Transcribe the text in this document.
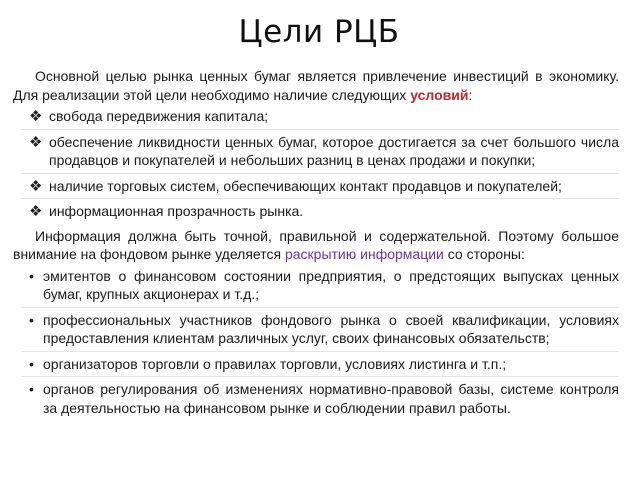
Цели РЦБ

Основной целью рынка ценных бумаг является привлечение инвестиций в экономику. Для реализации этой цели необходимо наличие следующих условий:

❖ свобода передвижения капитала;
❖ обеспечение ликвидности ценных бумаг, которое достигается за счет большого числа продавцов и покупателей и небольших разниц в ценах продажи и покупки;
❖ наличие торговых систем, обеспечивающих контакт продавцов и покупателей;
❖ информационная прозрачность рынка.

Информация должна быть точной, правильной и содержательной. Поэтому большое внимание на фондовом рынке уделяется раскрытию информации со стороны:

• эмитентов о финансовом состоянии предприятия, о предстоящих выпусках ценных бумаг, крупных акционерах и т.д.;
• профессиональных участников фондового рынка о своей квалификации, условиях предоставления клиентам различных услуг, своих финансовых обязательств;
• организаторов торговли о правилах торговли, условиях листинга и т.п.;
• органов регулирования об изменениях нормативно-правовой базы, системе контроля за деятельностью на финансовом рынке и соблюдении правил работы.
